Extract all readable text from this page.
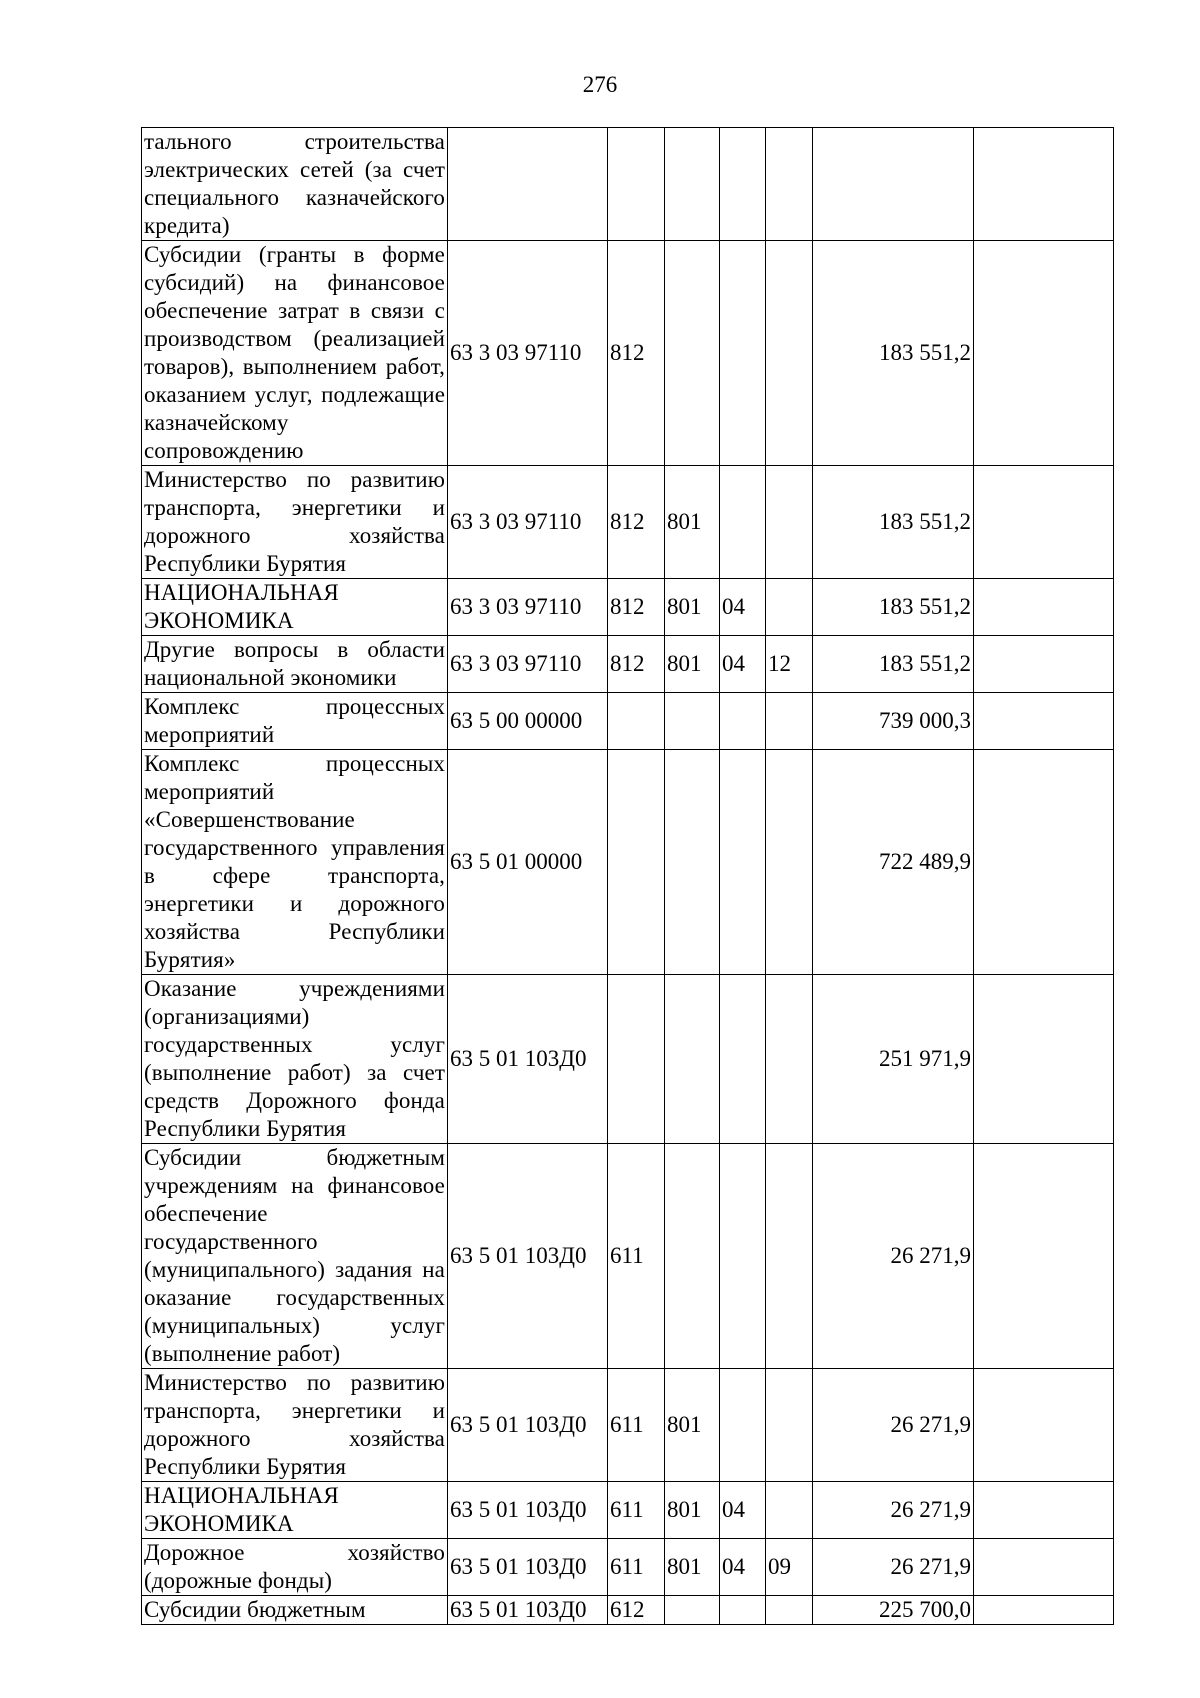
276
тального строительства электрических сетей (за счет специального казначейского кредита)							
Субсидии (гранты в форме субсидий) на финансовое обеспечение затрат в связи с производством (реализацией товаров), выполнением работ, оказанием услуг, подлежащие казначейскому сопровождению	63 3 03 97110	812				183 551,2	
Министерство по развитию транспорта, энергетики и дорожного хозяйства Республики Бурятия	63 3 03 97110	812	801			183 551,2	
НАЦИОНАЛЬНАЯ ЭКОНОМИКА	63 3 03 97110	812	801	04		183 551,2	
Другие вопросы в области национальной экономики	63 3 03 97110	812	801	04	12	183 551,2	
Комплекс процессных мероприятий	63 5 00 00000					739 000,3	
Комплекс процессных мероприятий «Совершенствование государственного управления в сфере транспорта, энергетики и дорожного хозяйства Республики Бурятия»	63 5 01 00000					722 489,9	
Оказание учреждениями (организациями) государственных услуг (выполнение работ) за счет средств Дорожного фонда Республики Бурятия	63 5 01 103Д0					251 971,9	
Субсидии бюджетным учреждениям на финансовое обеспечение государственного (муниципального) задания на оказание государственных (муниципальных) услуг (выполнение работ)	63 5 01 103Д0	611				26 271,9	
Министерство по развитию транспорта, энергетики и дорожного хозяйства Республики Бурятия	63 5 01 103Д0	611	801			26 271,9	
НАЦИОНАЛЬНАЯ ЭКОНОМИКА	63 5 01 103Д0	611	801	04		26 271,9	
Дорожное хозяйство (дорожные фонды)	63 5 01 103Д0	611	801	04	09	26 271,9	
Субсидии бюджетным	63 5 01 103Д0	612				225 700,0	
